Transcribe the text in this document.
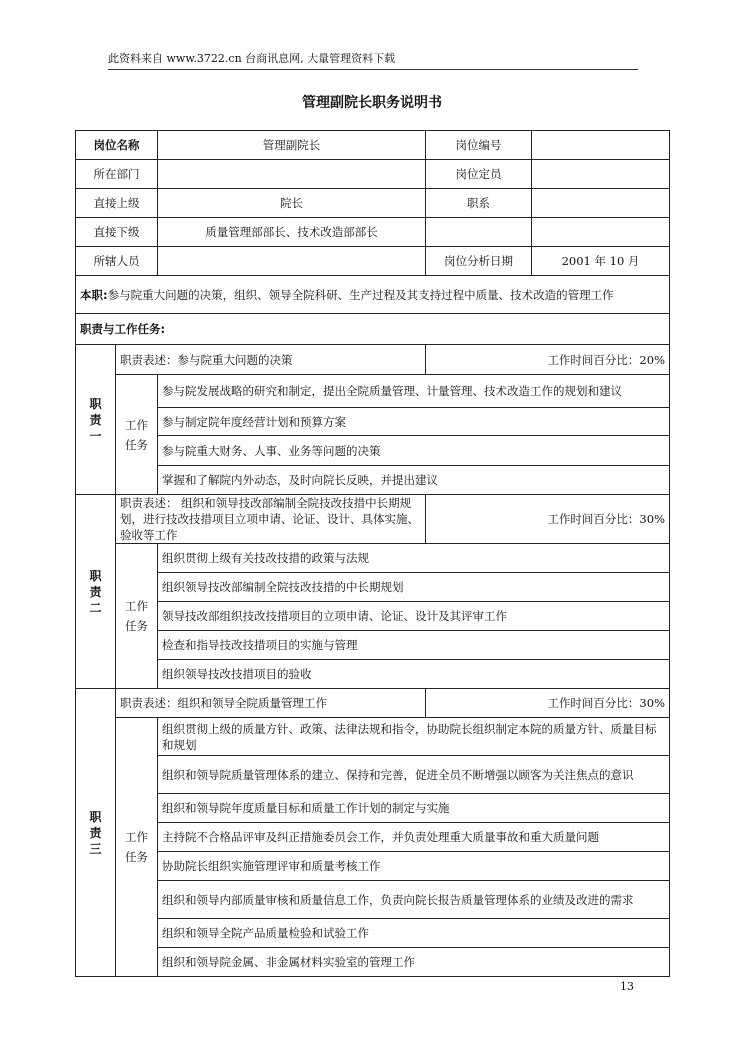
此资料来自 www.3722.cn 台商讯息网, 大量管理资料下载
管理副院长职务说明书
岗位名称		管理副院长	岗位编号	
所在部门			岗位定员	
直接上级		院长	职系	
直接下级		质量管理部部长、技术改造部部长		
所辖人员			岗位分析日期	2001 年 10 月
本职:参与院重大问题的决策，组织、领导全院科研、生产过程及其支持过程中质量、技术改造的管理工作				
职责与工作任务:				
职责一	职责表述：参与院重大问题的决策		工作时间百分比：20%	
	工作任务	参与院发展战略的研究和制定，提出全院质量管理、计量管理、技术改造工作的规划和建议		
		参与制定院年度经营计划和预算方案		
		参与院重大财务、人事、业务等问题的决策		
		掌握和了解院内外动态，及时向院长反映，并提出建议		
职责二	职责表述： 组织和领导技改部编制全院技改技措中长期规划，进行技改技措项目立项申请、论证、设计、具体实施、验收等工作		工作时间百分比：30%	
	工作任务	组织贯彻上级有关技改技措的政策与法规		
		组织领导技改部编制全院技改技措的中长期规划		
		领导技改部组织技改技措项目的立项申请、论证、设计及其评审工作		
		检查和指导技改技措项目的实施与管理		
		组织领导技改技措项目的验收		
职责三	职责表述：组织和领导全院质量管理工作		工作时间百分比：30%	
	工作任务	组织贯彻上级的质量方针、政策、法律法规和指令，协助院长组织制定本院的质量方针、质量目标和规划		
		组织和领导院质量管理体系的建立、保持和完善，促进全员不断增强以顾客为关注焦点的意识		
		组织和领导院年度质量目标和质量工作计划的制定与实施		
		主持院不合格品评审及纠正措施委员会工作，并负责处理重大质量事故和重大质量问题		
		协助院长组织实施管理评审和质量考核工作		
		组织和领导内部质量审核和质量信息工作，负责向院长报告质量管理体系的业绩及改进的需求		
		组织和领导全院产品质量检验和试验工作		
		组织和领导院金属、非金属材料实验室的管理工作		
13
